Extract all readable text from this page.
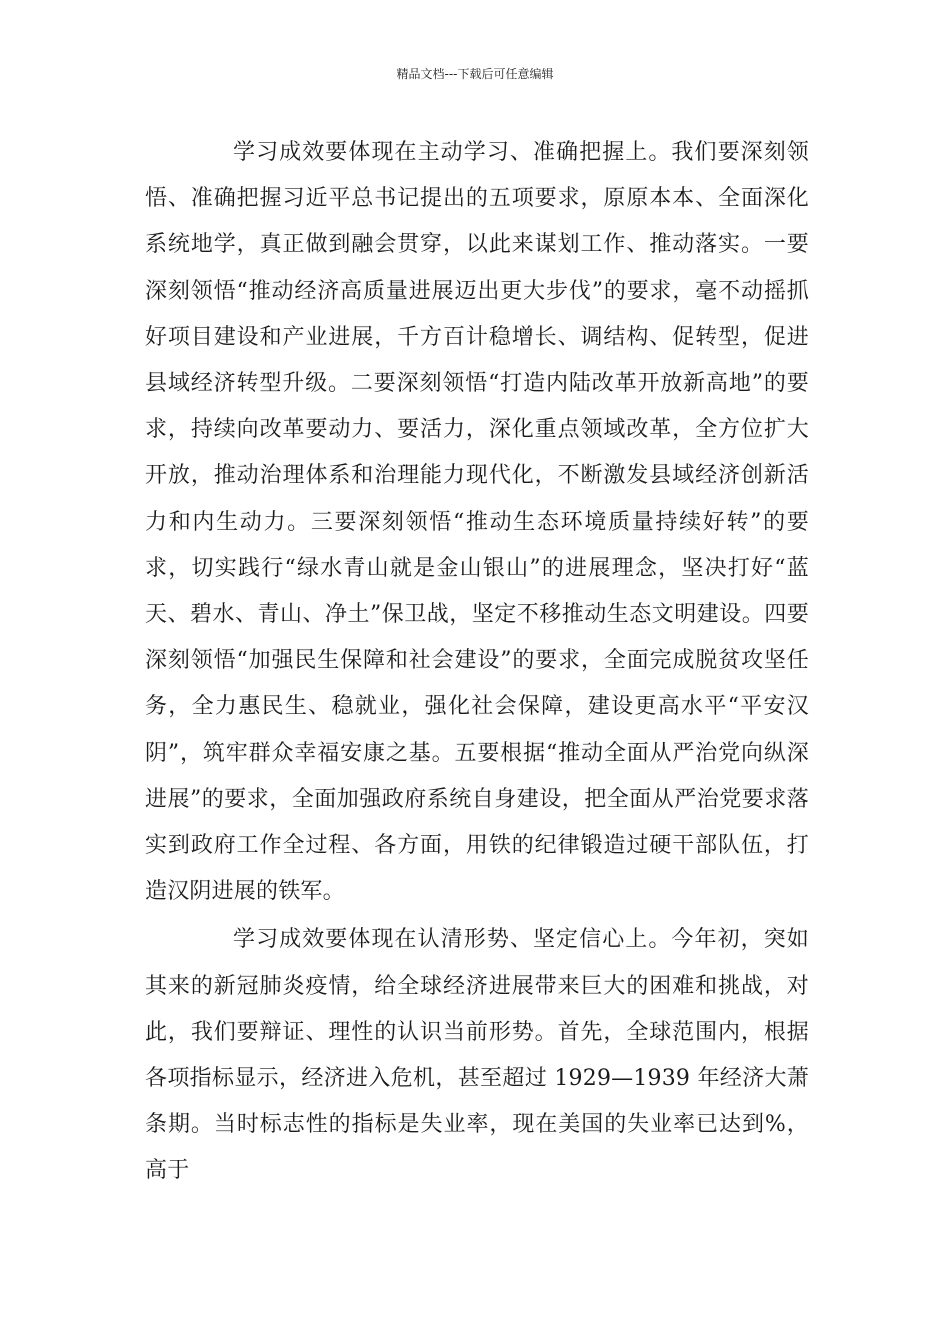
精品文档---下载后可任意编辑

学习成效要体现在主动学习、准确把握上。我们要深刻领悟、准确把握习近平总书记提出的五项要求，原原本本、全面深化系统地学，真正做到融会贯穿，以此来谋划工作、推动落实。一要深刻领悟“推动经济高质量进展迈出更大步伐”的要求，毫不动摇抓好项目建设和产业进展，千方百计稳增长、调结构、促转型，促进县域经济转型升级。二要深刻领悟“打造内陆改革开放新高地”的要求，持续向改革要动力、要活力，深化重点领域改革，全方位扩大开放，推动治理体系和治理能力现代化，不断激发县域经济创新活力和内生动力。三要深刻领悟“推动生态环境质量持续好转”的要求，切实践行“绿水青山就是金山银山”的进展理念，坚决打好“蓝天、碧水、青山、净土”保卫战，坚定不移推动生态文明建设。四要深刻领悟“加强民生保障和社会建设”的要求，全面完成脱贫攻坚任务，全力惠民生、稳就业，强化社会保障，建设更高水平“平安汉阴”，筑牢群众幸福安康之基。五要根据“推动全面从严治党向纵深进展”的要求，全面加强政府系统自身建设，把全面从严治党要求落实到政府工作全过程、各方面，用铁的纪律锻造过硬干部队伍，打造汉阴进展的铁军。

学习成效要体现在认清形势、坚定信心上。今年初，突如其来的新冠肺炎疫情，给全球经济进展带来巨大的困难和挑战，对此，我们要辩证、理性的认识当前形势。首先，全球范围内，根据各项指标显示，经济进入危机，甚至超过 1929—1939 年经济大萧条期。当时标志性的指标是失业率，现在美国的失业率已达到%，高于
